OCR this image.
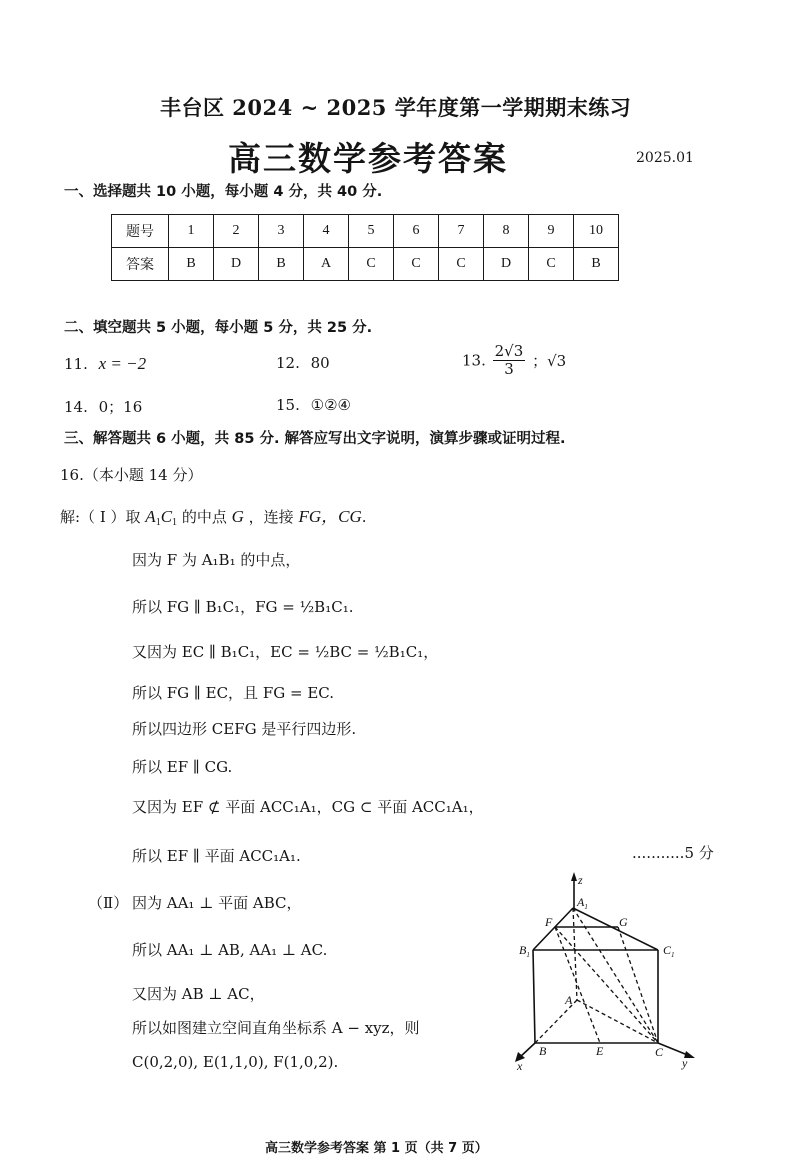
丰台区 2024 ~ 2025 学年度第一学期期末练习
高三数学参考答案	2025.01
一、选择题共 10 小题，每小题 4 分，共 40 分.
题号	1	2	3	4	5	6	7	8	9	10
答案	B	D	B	A	C	C	C	D	C	B
二、填空题共 5 小题，每小题 5 分，共 25 分.
11. x = −2	12. 80	13. $\frac{2√3}{3}$ ；√3
14. 0；16	15. ①②④
三、解答题共 6 小题，共 85 分. 解答应写出文字说明，演算步骤或证明过程.
16.（本小题 14 分）
解:（ I ）取 $A_1C_1$ 的中点 G ，连接 FG，CG.
因为 F 为 A₁B₁ 的中点，
所以 FG ∥ B₁C₁，FG = ½B₁C₁.
又因为 EC ∥ B₁C₁，EC = ½BC = ½B₁C₁，
所以 FG ∥ EC，且 FG = EC.
所以四边形 CEFG 是平行四边形.
所以 EF ∥ CG.
又因为 EF ⊄ 平面 ACC₁A₁，CG ⊂ 平面 ACC₁A₁，
所以 EF ∥ 平面 ACC₁A₁.	...........5 分
（Ⅱ） 因为 AA₁ ⊥ 平面 ABC，
所以 AA₁ ⊥ AB, AA₁ ⊥ AC.
又因为 AB ⊥ AC，
所以如图建立空间直角坐标系 A − xyz，则
C(0,2,0), E(1,1,0), F(1,0,2).
z
$A_1$
F	G
$B_1$	$C_1$
A
B	E	C
x	y
高三数学参考答案 第 1 页（共 7 页）
